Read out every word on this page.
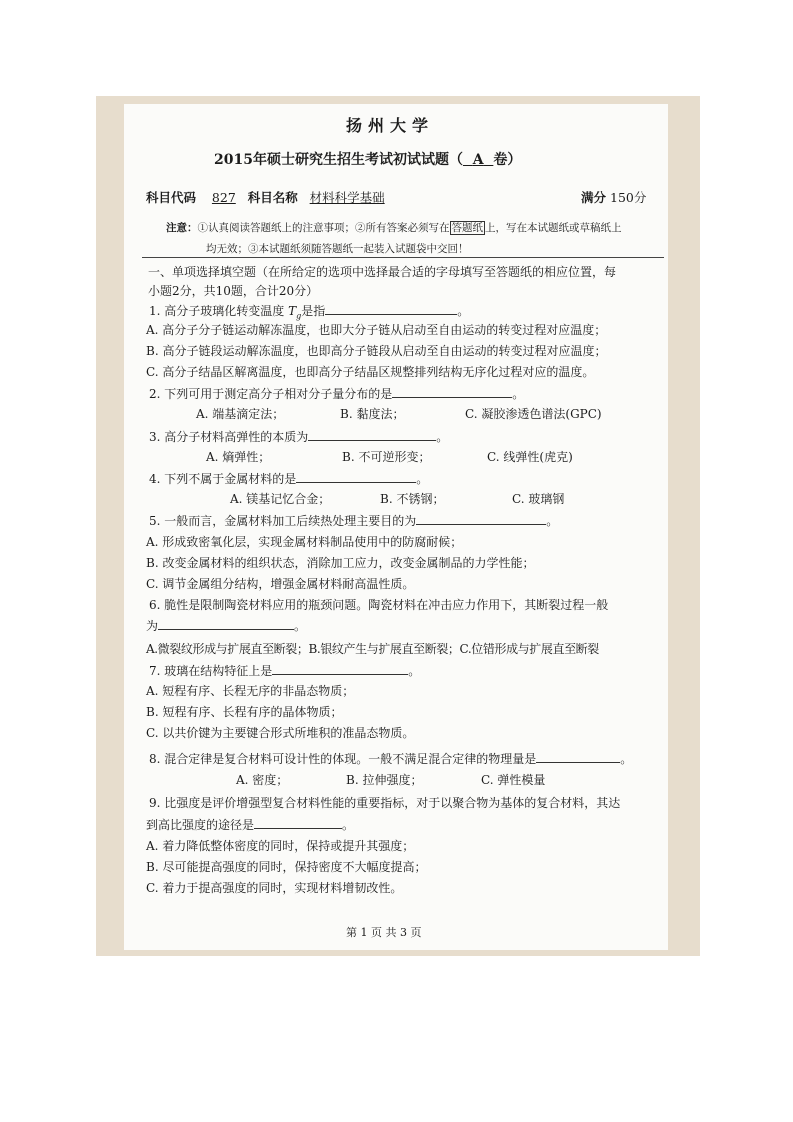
扬州大学
2015年硕士研究生招生考试初试试题（ A 卷）
科目代码 827 科目名称 材料科学基础	满分 150分
注意：①认真阅读答题纸上的注意事项；②所有答案必须写在 答题纸 上，写在本试题纸或草稿纸上
均无效；③本试题纸须随答题纸一起装入试题袋中交回！
一、单项选择填空题（在所给定的选项中选择最合适的字母填写至答题纸的相应位置，每
小题2分，共10题，合计20分）
1. 高分子玻璃化转变温度 $T_g$是指	。
A. 高分子分子链运动解冻温度，也即大分子链从启动至自由运动的转变过程对应温度；
B. 高分子链段运动解冻温度，也即高分子链段从启动至自由运动的转变过程对应温度；
C. 高分子结晶区解离温度，也即高分子结晶区规整排列结构无序化过程对应的温度。
2. 下列可用于测定高分子相对分子量分布的是	。
A. 端基滴定法；	B. 黏度法；	C. 凝胶渗透色谱法(GPC)
3. 高分子材料高弹性的本质为	。
A. 熵弹性；	B. 不可逆形变；	C. 线弹性(虎克)
4. 下列不属于金属材料的是	。
A. 镁基记忆合金；	B. 不锈钢；	C. 玻璃钢
5. 一般而言，金属材料加工后续热处理主要目的为	。
A. 形成致密氧化层，实现金属材料制品使用中的防腐耐候；
B. 改变金属材料的组织状态，消除加工应力，改变金属制品的力学性能；
C. 调节金属组分结构，增强金属材料耐高温性质。
6. 脆性是限制陶瓷材料应用的瓶颈问题。陶瓷材料在冲击应力作用下，其断裂过程一般
为	。
A.微裂纹形成与扩展直至断裂；B.银纹产生与扩展直至断裂；C.位错形成与扩展直至断裂
7. 玻璃在结构特征上是	。
A. 短程有序、长程无序的非晶态物质；
B. 短程有序、长程有序的晶体物质；
C. 以共价键为主要键合形式所堆积的准晶态物质。
8. 混合定律是复合材料可设计性的体现。一般不满足混合定律的物理量是	。
A. 密度；	B. 拉伸强度；	C. 弹性模量
9. 比强度是评价增强型复合材料性能的重要指标，对于以聚合物为基体的复合材料，其达
到高比强度的途径是	。
A. 着力降低整体密度的同时，保持或提升其强度；
B. 尽可能提高强度的同时，保持密度不大幅度提高；
C. 着力于提高强度的同时，实现材料增韧改性。
第 1 页 共 3 页
